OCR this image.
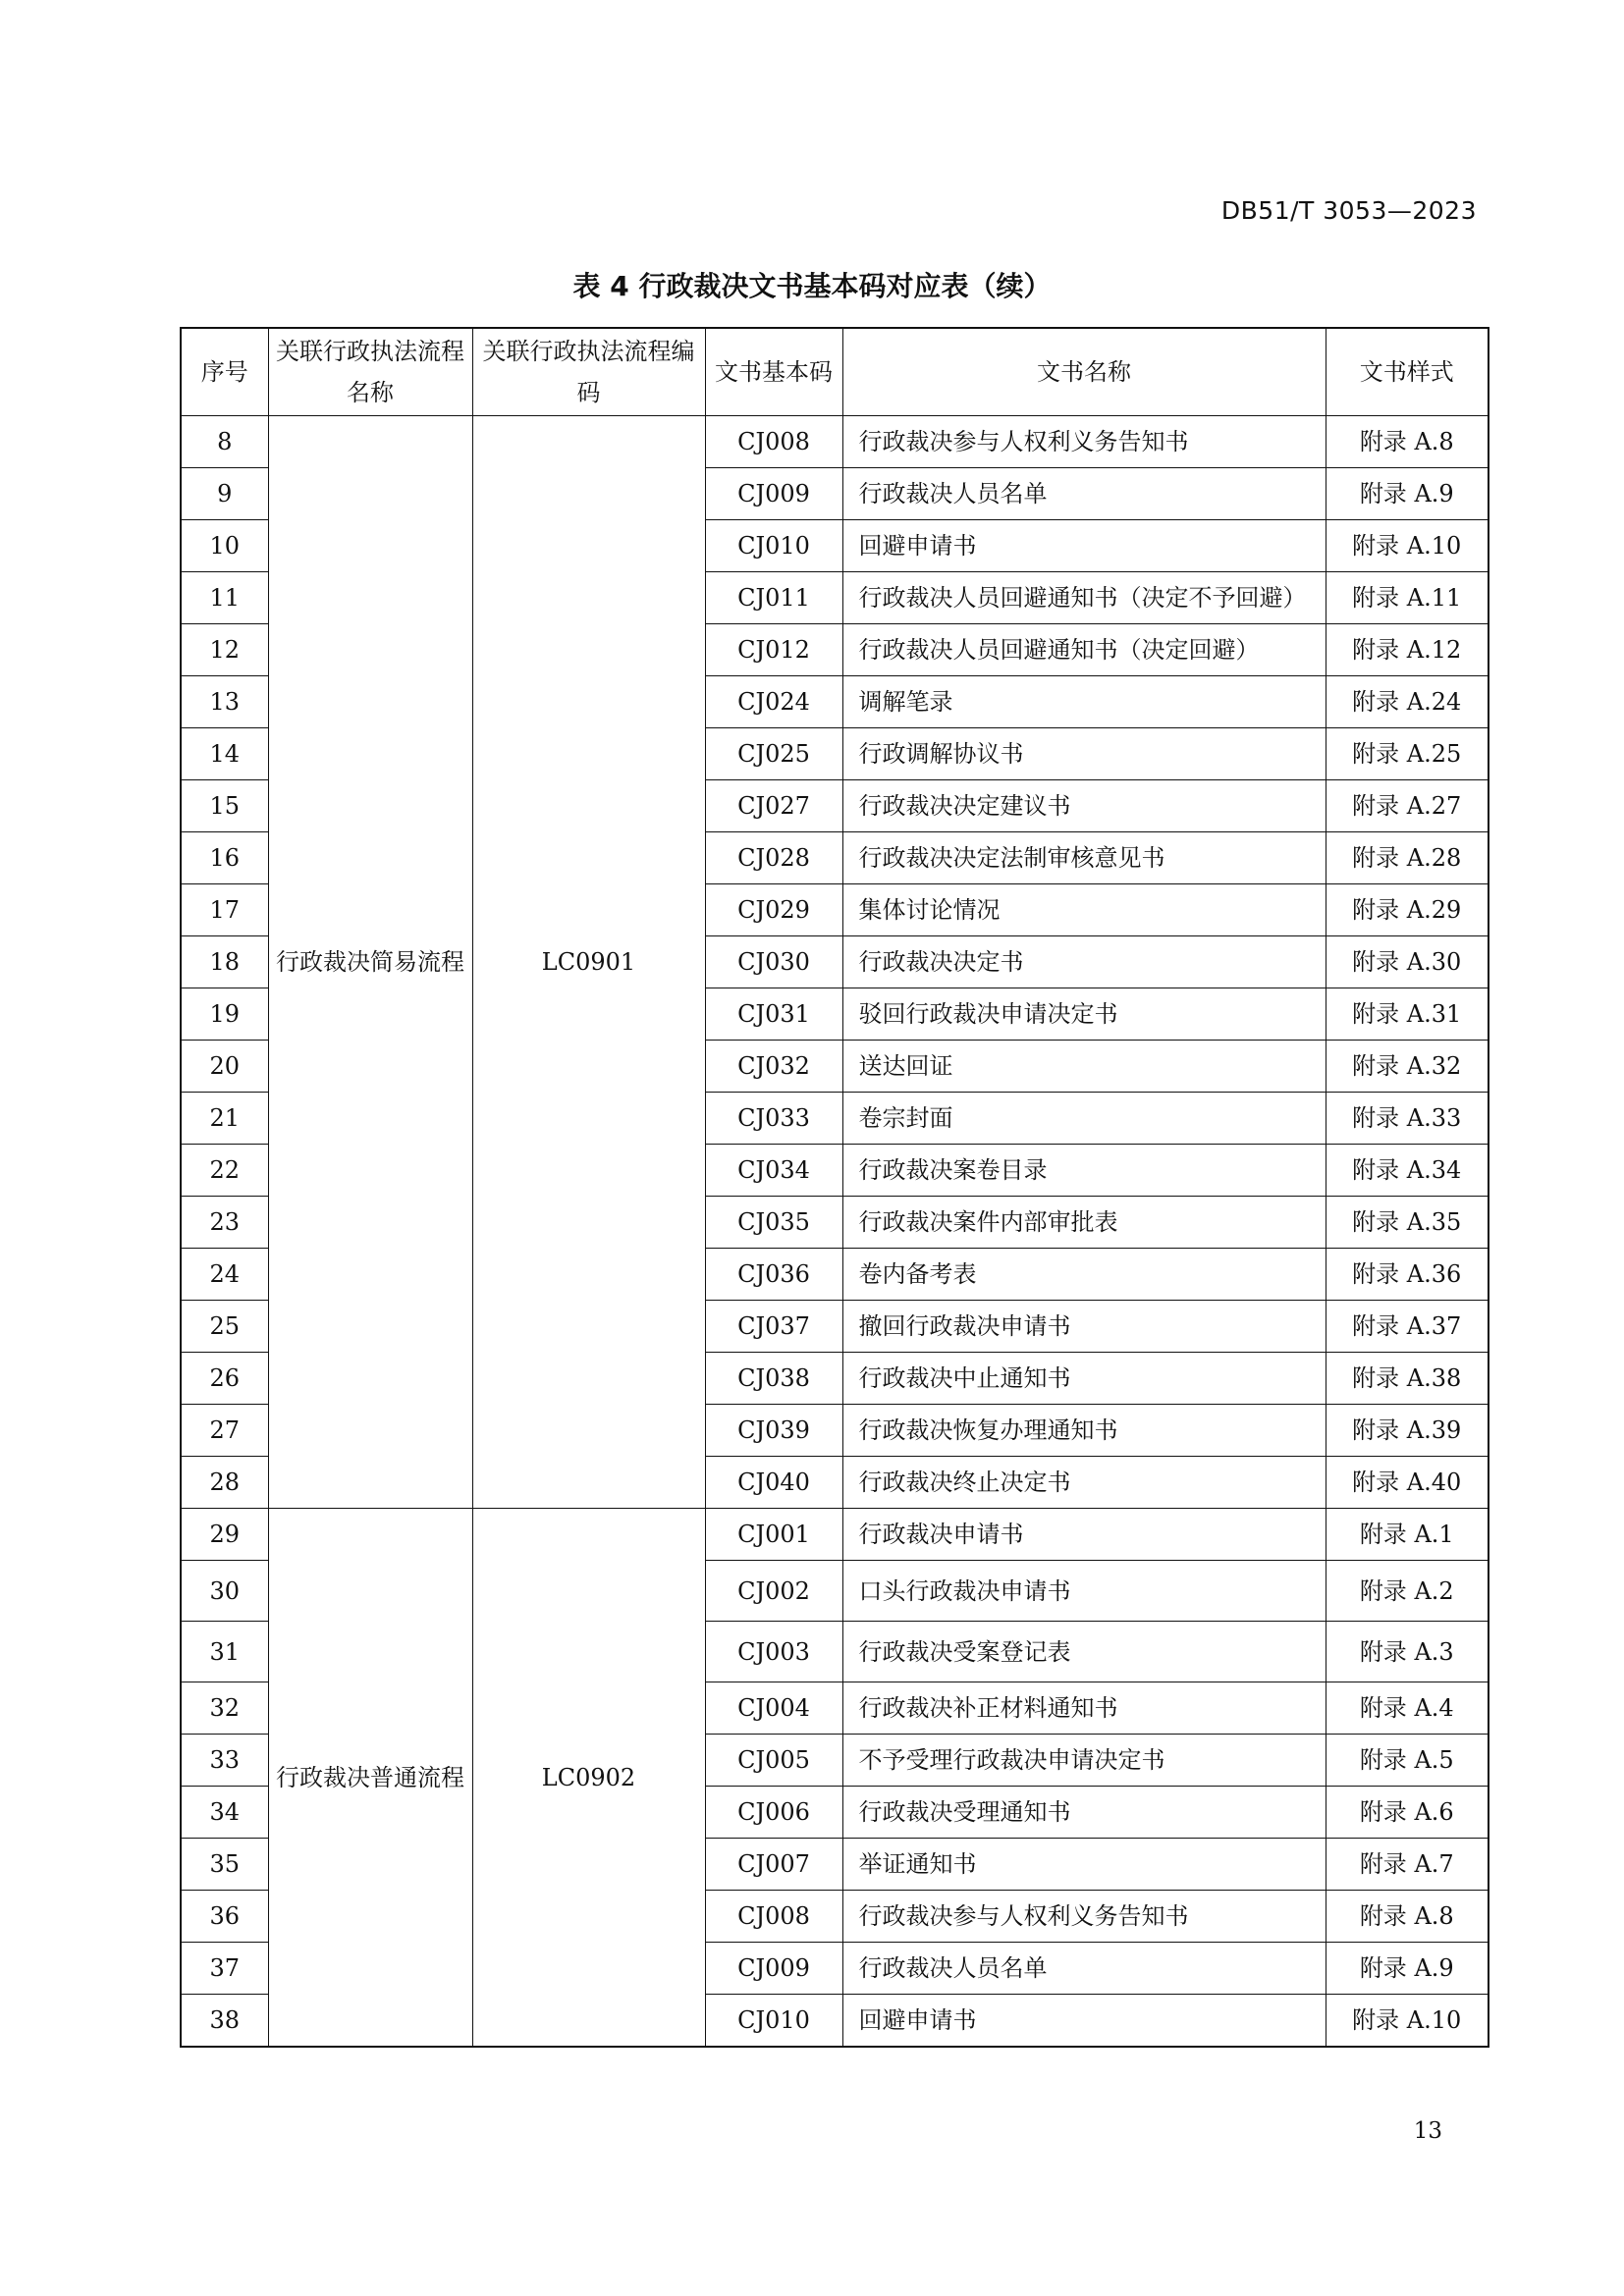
DB51/T 3053—2023
表 4 行政裁决文书基本码对应表（续）
序号	关联行政执法流程名称	关联行政执法流程编码	文书基本码	文书名称	文书样式
8	行政裁决简易流程	LC0901	CJ008	行政裁决参与人权利义务告知书	附录 A.8
9			CJ009	行政裁决人员名单	附录 A.9
10			CJ010	回避申请书	附录 A.10
11			CJ011	行政裁决人员回避通知书（决定不予回避）	附录 A.11
12			CJ012	行政裁决人员回避通知书（决定回避）	附录 A.12
13			CJ024	调解笔录	附录 A.24
14			CJ025	行政调解协议书	附录 A.25
15			CJ027	行政裁决决定建议书	附录 A.27
16			CJ028	行政裁决决定法制审核意见书	附录 A.28
17			CJ029	集体讨论情况	附录 A.29
18			CJ030	行政裁决决定书	附录 A.30
19			CJ031	驳回行政裁决申请决定书	附录 A.31
20			CJ032	送达回证	附录 A.32
21			CJ033	卷宗封面	附录 A.33
22			CJ034	行政裁决案卷目录	附录 A.34
23			CJ035	行政裁决案件内部审批表	附录 A.35
24			CJ036	卷内备考表	附录 A.36
25			CJ037	撤回行政裁决申请书	附录 A.37
26			CJ038	行政裁决中止通知书	附录 A.38
27			CJ039	行政裁决恢复办理通知书	附录 A.39
28			CJ040	行政裁决终止决定书	附录 A.40
29	行政裁决普通流程	LC0902	CJ001	行政裁决申请书	附录 A.1
30			CJ002	口头行政裁决申请书	附录 A.2
31			CJ003	行政裁决受案登记表	附录 A.3
32			CJ004	行政裁决补正材料通知书	附录 A.4
33			CJ005	不予受理行政裁决申请决定书	附录 A.5
34			CJ006	行政裁决受理通知书	附录 A.6
35			CJ007	举证通知书	附录 A.7
36			CJ008	行政裁决参与人权利义务告知书	附录 A.8
37			CJ009	行政裁决人员名单	附录 A.9
38			CJ010	回避申请书	附录 A.10
13
